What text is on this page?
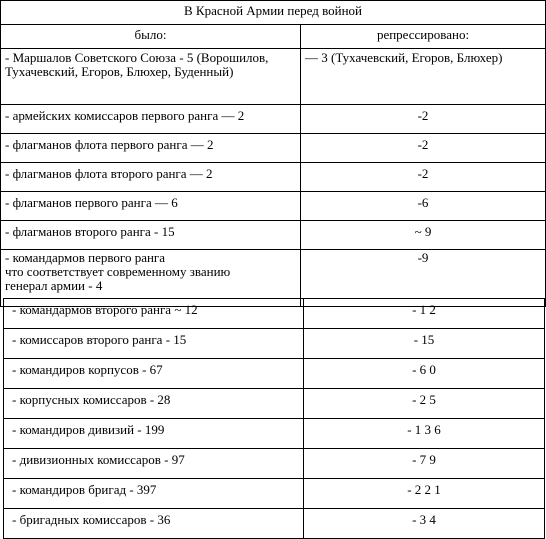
В Красной Армии перед войной	
было:	репрессировано:
- Маршалов Советского Союза - 5 (Ворошилов, Тухачевский, Егоров, Блюхер, Буденный)	— 3 (Тухачевский, Егоров, Блюхер)
- армейских комиссаров первого ранга — 2	-2
- флагманов флота первого ранга — 2	-2
- флагманов флота второго ранга — 2	-2
- флагманов первого ранга — 6	-6
- флагманов второго ранга - 15	~ 9

- командармов первого ранга
что соответствует современному званию
генерал армии - 4	-9
- командармов второго ранга ~ 12	- 1 2
- комиссаров второго ранга - 15	- 15
- командиров корпусов - 67	- 6 0
- корпусных комиссаров - 28	- 2 5
- командиров дивизий - 199	- 1 3 6
- дивизионных комиссаров - 97	- 7 9
- командиров бригад - 397	- 2 2 1
- бригадных комиссаров - 36	- 3 4
